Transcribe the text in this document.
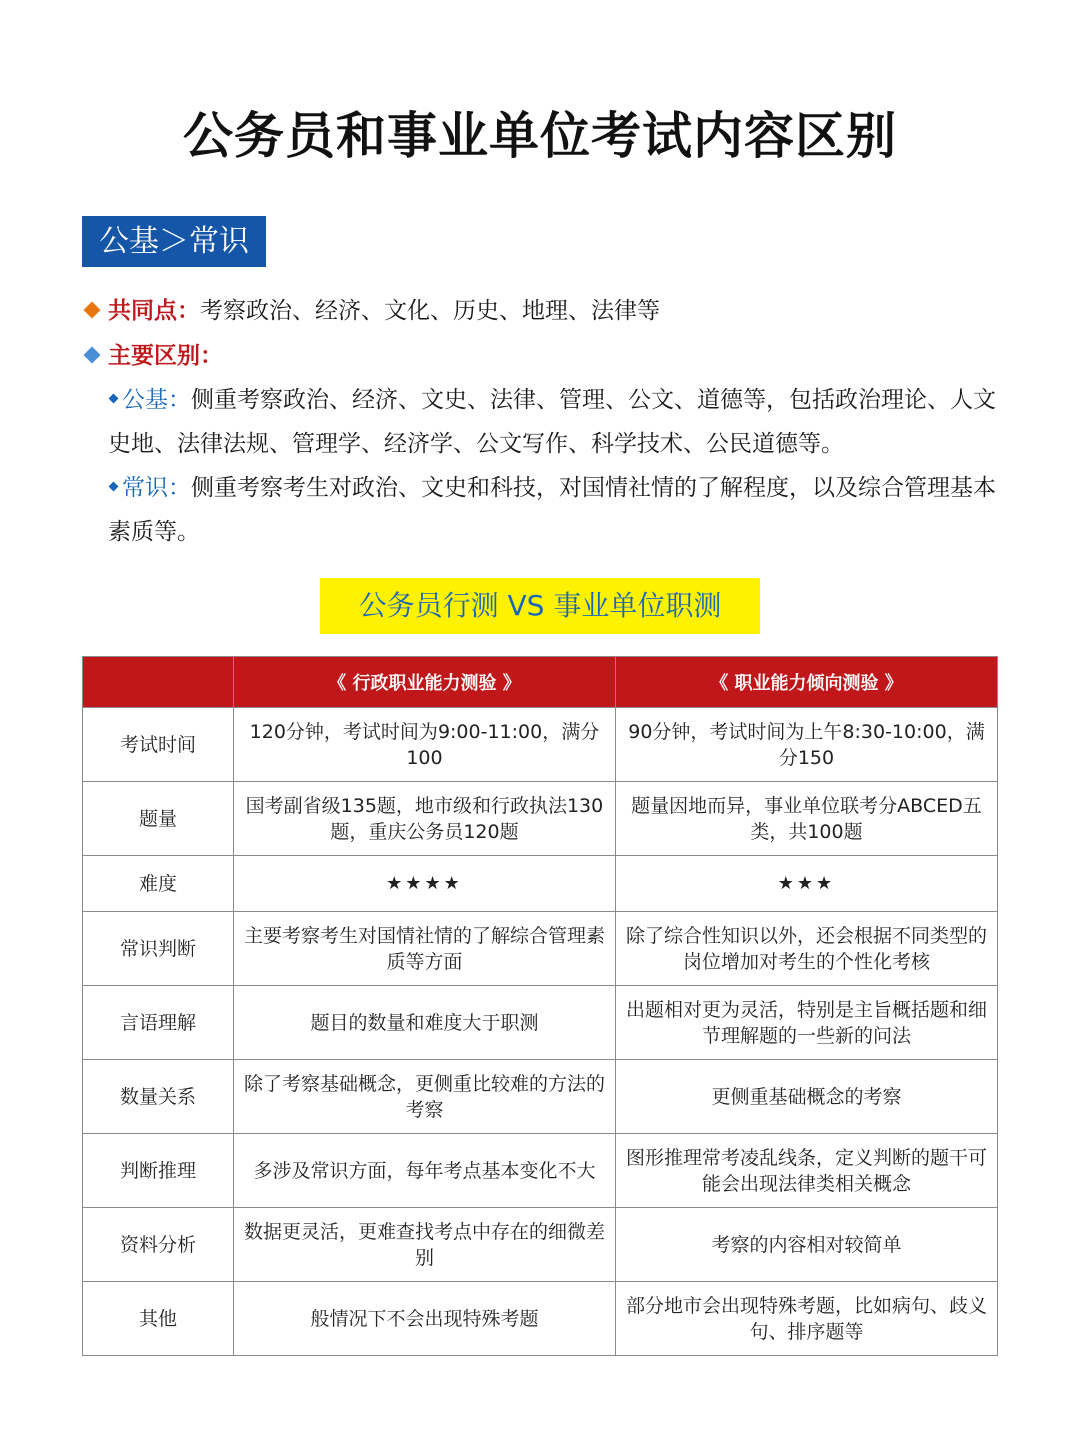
公务员和事业单位考试内容区别
公基＞常识
共同点：考察政治、经济、文化、历史、地理、法律等
主要区别：
公基：侧重考察政治、经济、文史、法律、管理、公文、道德等，包括政治理论、人文史地、法律法规、管理学、经济学、公文写作、科学技术、公民道德等。
常识：侧重考察考生对政治、文史和科技，对国情社情的了解程度，以及综合管理基本素质等。
公务员行测 VS 事业单位职测
	《 行政职业能力测验 》	《 职业能力倾向测验 》
考试时间	120分钟，考试时间为9:00-11:00，满分100	90分钟，考试时间为上午8:30-10:00，满分150
题量	国考副省级135题，地市级和行政执法130题，重庆公务员120题	题量因地而异，事业单位联考分ABCED五类，共100题
难度	★★★★	★★★
常识判断	主要考察考生对国情社情的了解综合管理素质等方面	除了综合性知识以外，还会根据不同类型的岗位增加对考生的个性化考核
言语理解	题目的数量和难度大于职测	出题相对更为灵活，特别是主旨概括题和细节理解题的一些新的问法
数量关系	除了考察基础概念，更侧重比较难的方法的考察	更侧重基础概念的考察
判断推理	多涉及常识方面，每年考点基本变化不大	图形推理常考凌乱线条，定义判断的题干可能会出现法律类相关概念
资料分析	数据更灵活，更难查找考点中存在的细微差别	考察的内容相对较简单
其他	般情况下不会出现特殊考题	部分地市会出现特殊考题，比如病句、歧义句、排序题等
